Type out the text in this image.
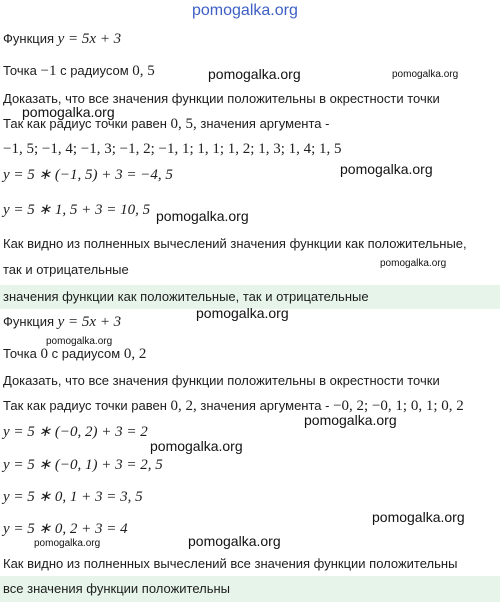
pomogalka.org
Функция y = 5x + 3
Точка −1 с радиусом 0, 5
Доказать, что все значения функции положительны в окрестности точки
Так как радиус точки равен 0, 5, значения аргумента -
−1, 5; −1, 4; −1, 3; −1, 2; −1, 1; 1, 1; 1, 2; 1, 3; 1, 4; 1, 5
y = 5 ∗ (−1, 5) + 3 = −4, 5
y = 5 ∗ 1, 5 + 3 = 10, 5
Как видно из полненных вычеслений значения функции как положительные,
так и отрицательные
значения функции как положительные, так и отрицательные
Функция y = 5x + 3
Точка 0 с радиусом 0, 2
Доказать, что все значения функции положительны в окрестности точки
Так как радиус точки равен 0, 2, значения аргумента - −0, 2; −0, 1; 0, 1; 0, 2
y = 5 ∗ (−0, 2) + 3 = 2
y = 5 ∗ (−0, 1) + 3 = 2, 5
y = 5 ∗ 0, 1 + 3 = 3, 5
y = 5 ∗ 0, 2 + 3 = 4
Как видно из полненных вычеслений все значения функции положительны
все значения функции положительны
pomogalka.org	pomogalka.org
pomogalka.org
pomogalka.org
pomogalka.org
pomogalka.org
pomogalka.org
pomogalka.org
pomogalka.org
pomogalka.org
pomogalka.org
pomogalka.org
pomogalka.org
